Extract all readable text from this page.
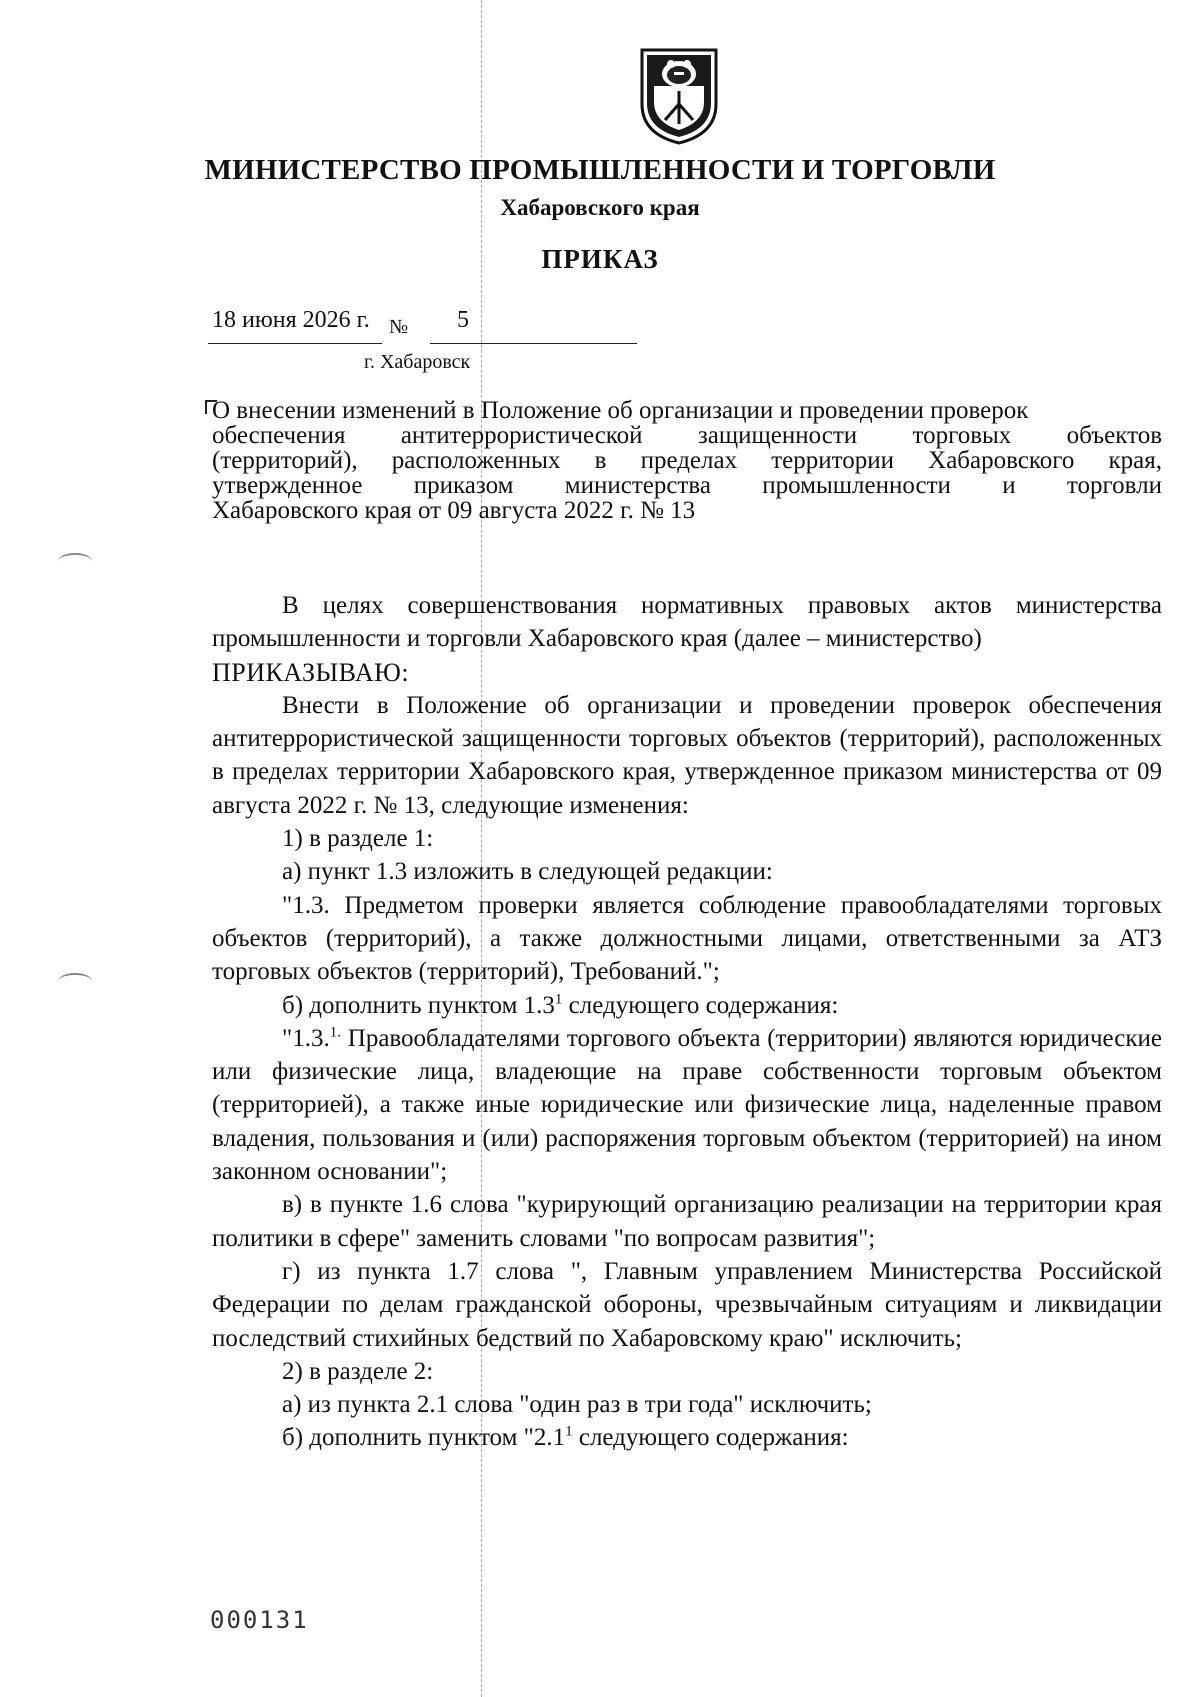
МИНИСТЕРСТВО ПРОМЫШЛЕННОСТИ И ТОРГОВЛИ
Хабаровского края
ПРИКАЗ
18 июня 2026 г. № 5
г. Хабаровск

О внесении изменений в Положение об организации и проведении проверок

обеспечения антитеррористической защищенности торговых объектов

(территорий), расположенных в пределах территории Хабаровского края,

утвержденное приказом министерства промышленности и торговли

Хабаровского края от 09 августа 2022 г. № 13

В целях совершенствования нормативных правовых актов министерства промышленности и торговли Хабаровского края (далее – министерство)

ПРИКАЗЫВАЮ:

Внести в Положение об организации и проведении проверок обеспечения антитеррористической защищенности торговых объектов (территорий), расположенных в пределах территории Хабаровского края, утвержденное приказом министерства от 09 августа 2022 г. № 13, следующие изменения:

1) в разделе 1:

а) пункт 1.3 изложить в следующей редакции:

"1.3. Предметом проверки является соблюдение правообладателями торговых объектов (территорий), а также должностными лицами, ответственными за АТЗ торговых объектов (территорий), Требований.";

б) дополнить пунктом $1.3^1$ следующего содержания:

"1.3.$^{1.}$ Правообладателями торгового объекта (территории) являются юридические или физические лица, владеющие на праве собственности торговым объектом (территорией), а также иные юридические или физические лица, наделенные правом владения, пользования и (или) распоряжения торговым объектом (территорией) на ином законном основании";

в) в пункте 1.6 слова "курирующий организацию реализации на территории края политики в сфере" заменить словами "по вопросам развития";

г) из пункта 1.7 слова ", Главным управлением Министерства Российской Федерации по делам гражданской обороны, чрезвычайным ситуациям и ликвидации последствий стихийных бедствий по Хабаровскому краю" исключить;

2) в разделе 2:

а) из пункта 2.1 слова "один раз в три года" исключить;

б) дополнить пунктом "$2.1^1$ следующего содержания:

000131
